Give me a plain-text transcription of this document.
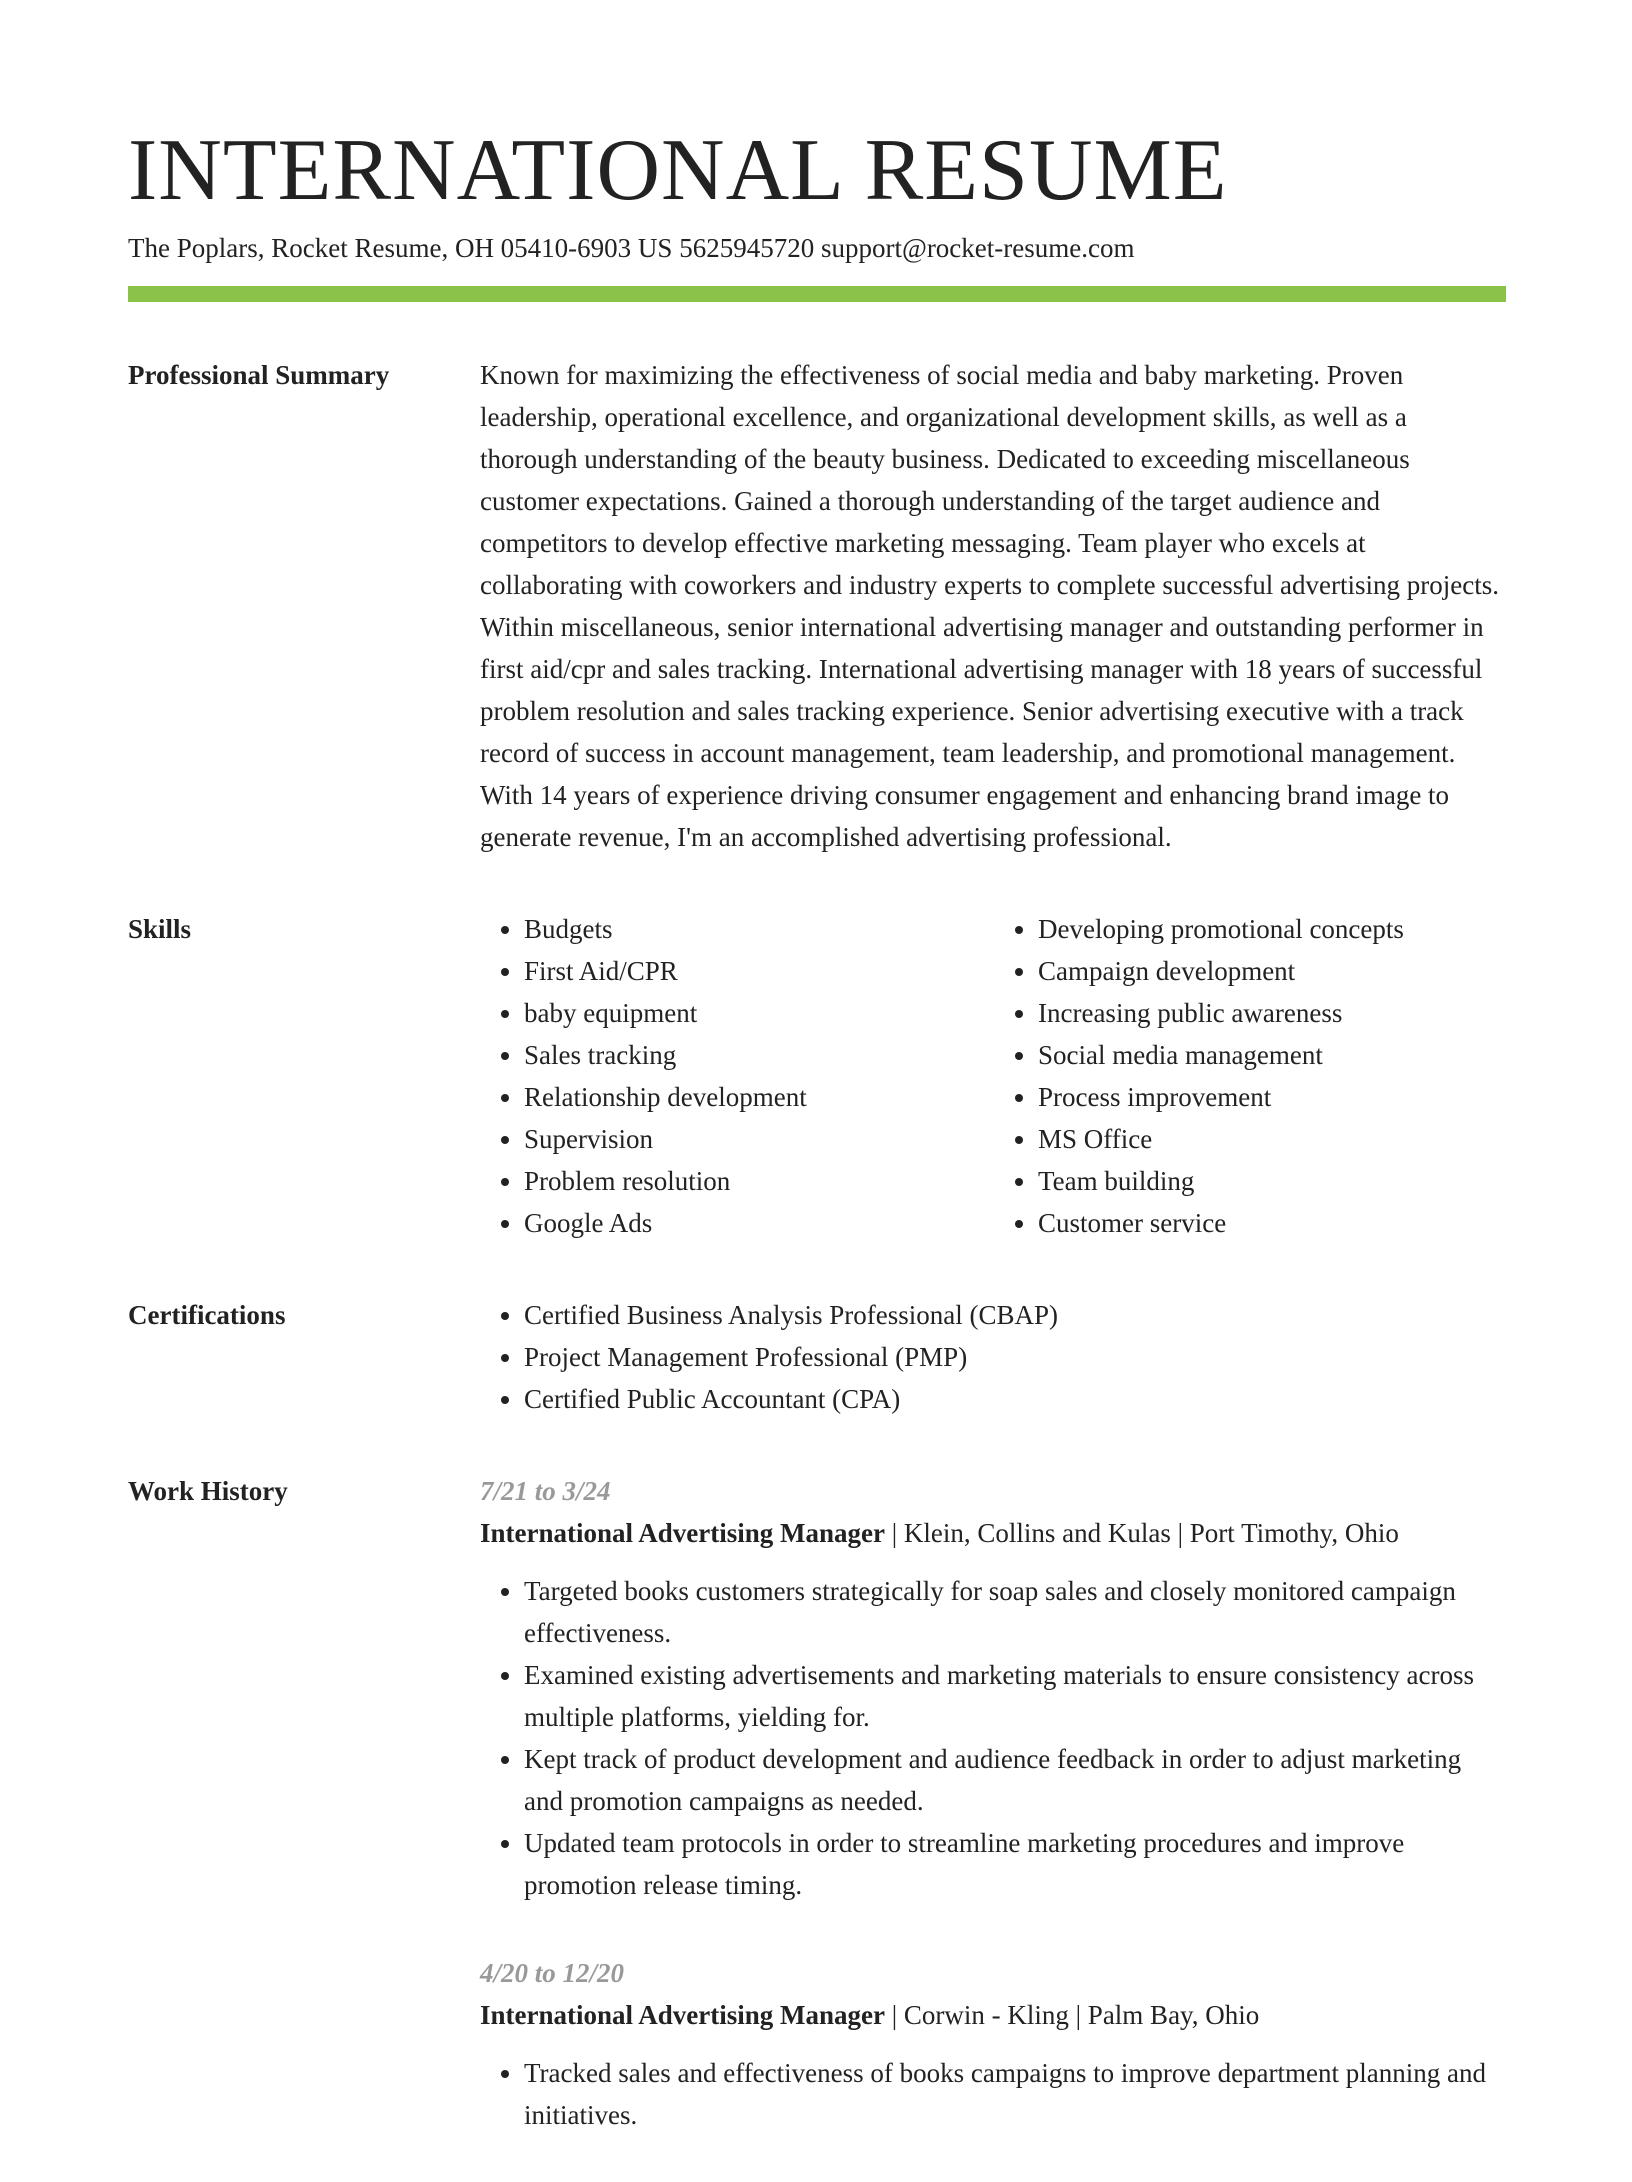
INTERNATIONAL RESUME
The Poplars, Rocket Resume, OH 05410-6903 US 5625945720 support@rocket-resume.com
Professional Summary	Known for maximizing the effectiveness of social media and baby marketing. Proven leadership, operational excellence, and organizational development skills, as well as a thorough understanding of the beauty business. Dedicated to exceeding miscellaneous customer expectations. Gained a thorough understanding of the target audience and competitors to develop effective marketing messaging. Team player who excels at collaborating with coworkers and industry experts to complete successful advertising projects. Within miscellaneous, senior international advertising manager and outstanding performer in first aid/cpr and sales tracking. International advertising manager with 18 years of successful problem resolution and sales tracking experience. Senior advertising executive with a track record of success in account management, team leadership, and promotional management. With 14 years of experience driving consumer engagement and enhancing brand image to generate revenue, I'm an accomplished advertising professional.

Skills	• Budgets
• First Aid/CPR
• baby equipment
• Sales tracking
• Relationship development
• Supervision
• Problem resolution
• Google Ads
• Developing promotional concepts
• Campaign development
• Increasing public awareness
• Social media management
• Process improvement
• MS Office
• Team building
• Customer service
Certifications	• Certified Business Analysis Professional (CBAP)
• Project Management Professional (PMP)
• Certified Public Accountant (CPA)
Work History	7/21 to 3/24
International Advertising Manager | Klein, Collins and Kulas | Port Timothy, Ohio
• Targeted books customers strategically for soap sales and closely monitored campaign effectiveness.
• Examined existing advertisements and marketing materials to ensure consistency across multiple platforms, yielding for.
• Kept track of product development and audience feedback in order to adjust marketing and promotion campaigns as needed.
• Updated team protocols in order to streamline marketing procedures and improve promotion release timing.
4/20 to 12/20
International Advertising Manager | Corwin - Kling | Palm Bay, Ohio
• Tracked sales and effectiveness of books campaigns to improve department planning and initiatives.
